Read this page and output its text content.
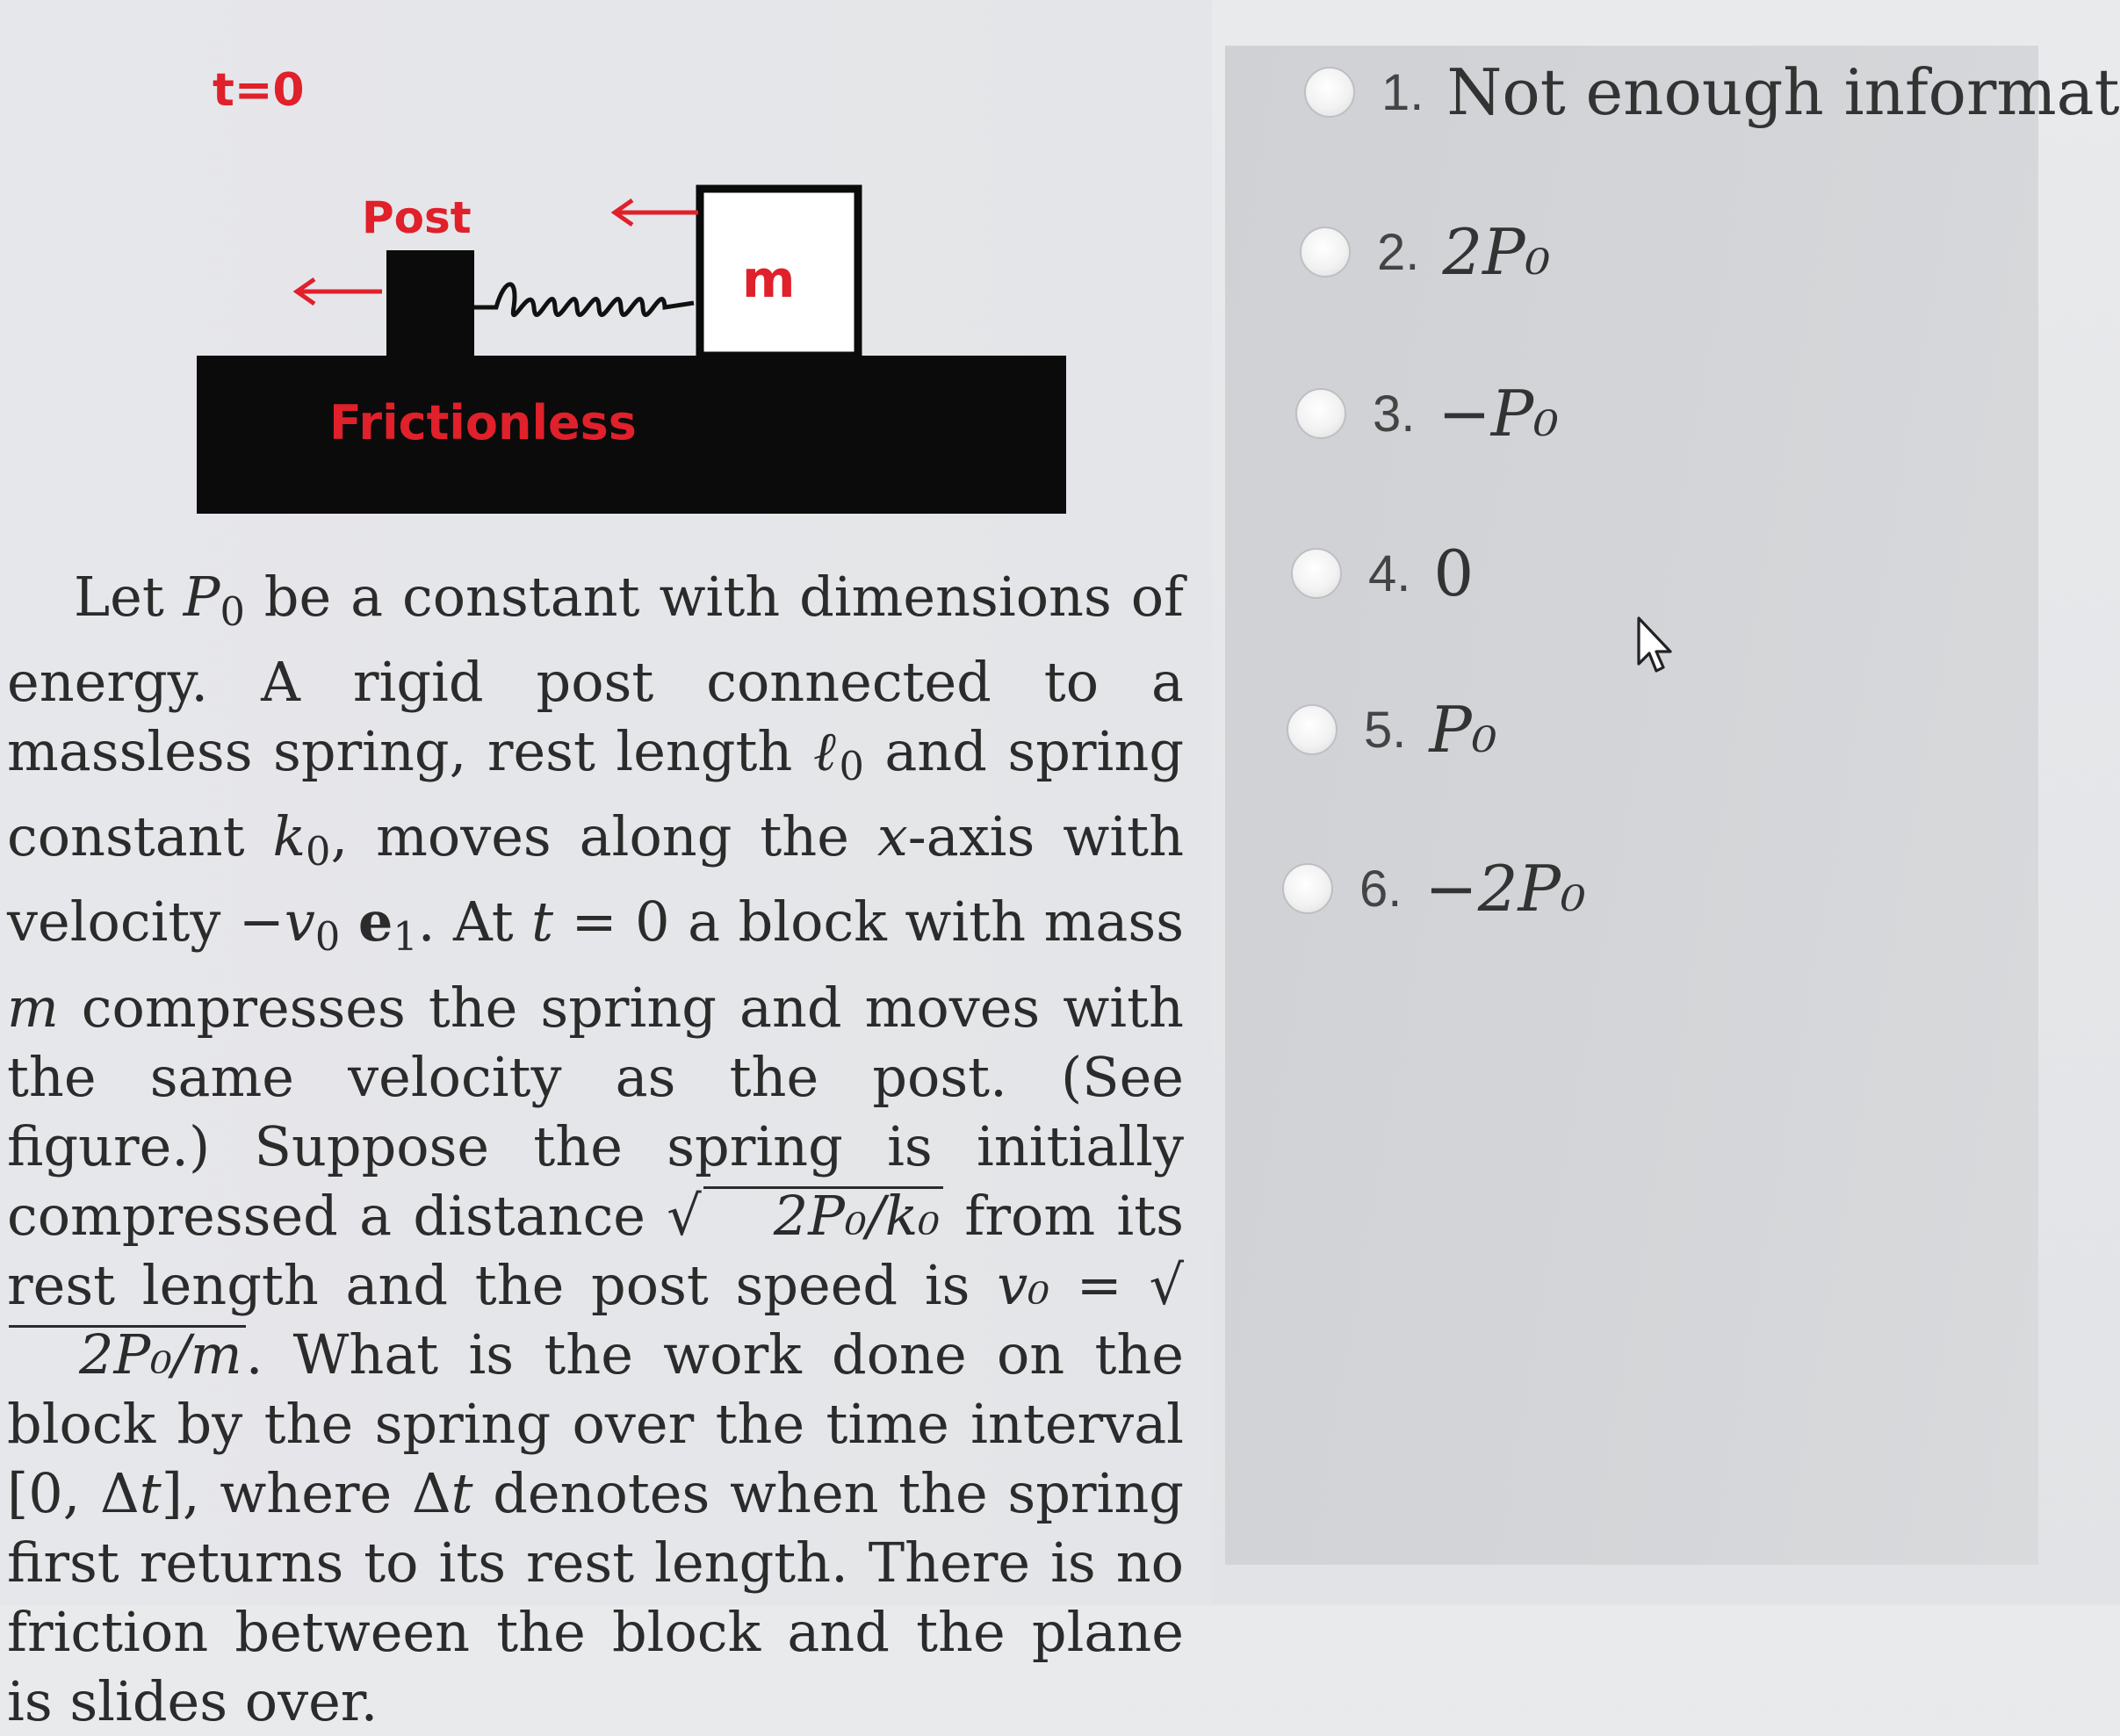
t=0
Post
Frictionless
m

Let $P_0$ be a constant with dimensions of energy. A rigid post connected to a massless spring, rest length ℓ$_0$ and spring constant $k_0$, moves along the x-axis with velocity $-v_0$ $e_1$. At t = 0 a block with mass m compresses the spring and moves with the same velocity as the post. (See figure.) Suppose the spring is initially compressed a distance √ 2P₀/k₀ from its rest length and the post speed is v₀ = √2P₀/m. What is the work done on the block by the spring over the time interval [0, Δt], where Δt denotes when the spring first returns to its rest length. There is no friction between the block and the plane is slides over.

1. Not enough informat
2. 2P₀
3. −P₀
4. 0
5. P₀
6. −2P₀
